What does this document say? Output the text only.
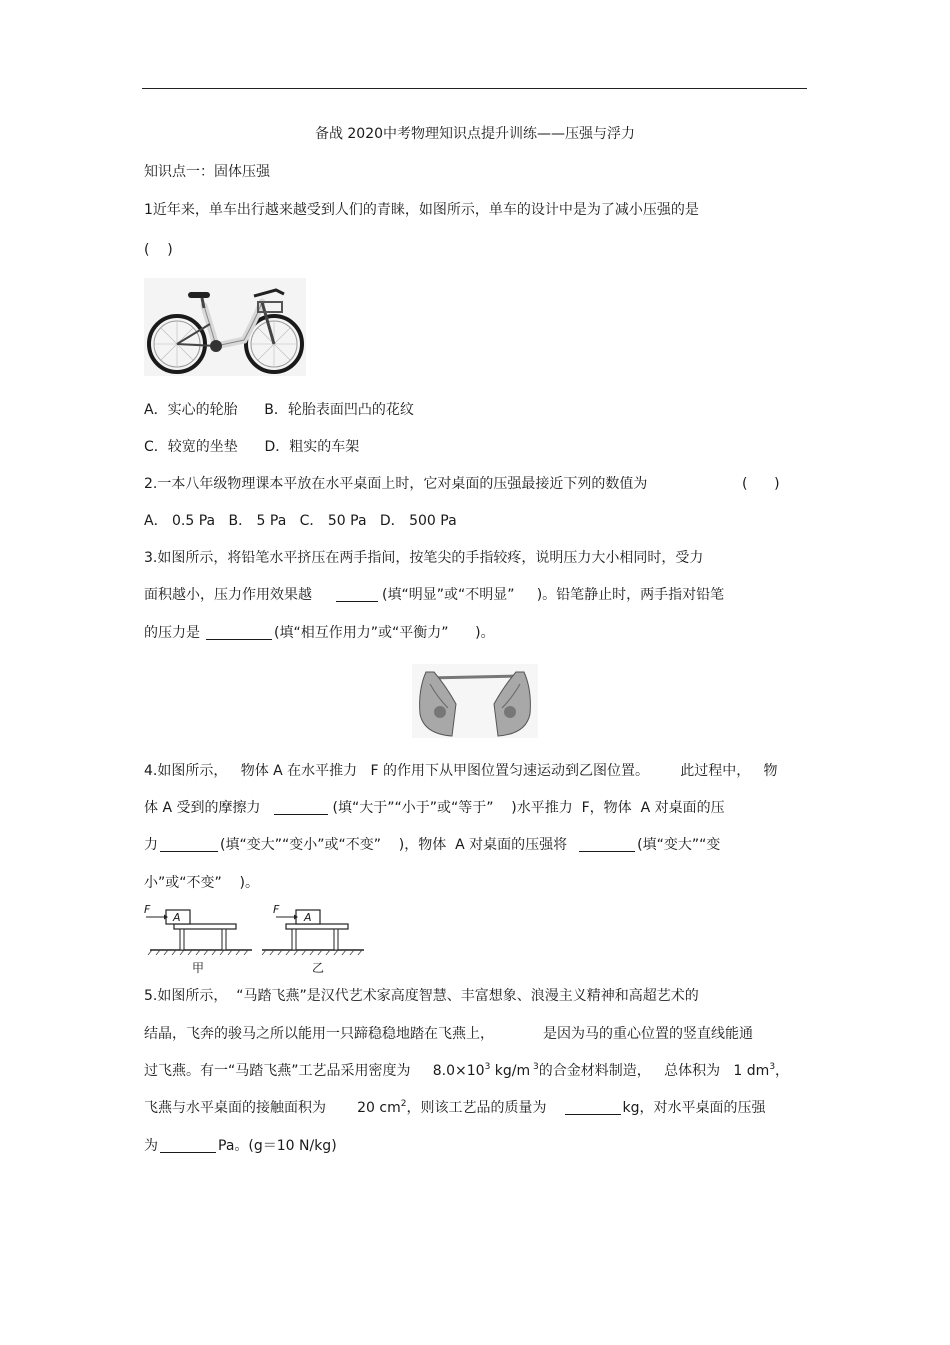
备战 2020中考物理知识点提升训练——压强与浮力
知识点一：固体压强
1近年来，单车出行越来越受到人们的青睐，如图所示，单车的设计中是为了减小压强的是
(    )
A．实心的轮胎      B．轮胎表面凹凸的花纹
C．较宽的坐垫      D．粗实的车架
2.一本八年级物理课本平放在水平桌面上时，它对桌面的压强最接近下列的数值为	(      )
A． 0.5 Pa   B． 5 Pa   C． 50 Pa   D． 500 Pa
3.如图所示，将铅笔水平挤压在两手指间，按笔尖的手指较疼，说明压力大小相同时，受力
面积越小，压力作用效果越	(填“明显”或“不明显”     )。铅笔静止时，两手指对铅笔
的压力是	(填“相互作用力”或“平衡力”      )。
4.如图所示，   物体 A 在水平推力   F 的作用下从甲图位置匀速运动到乙图位置。       此过程中，   物
体 A 受到的摩擦力	(填“大于”“小于”或“等于”    )水平推力  F，物体  A 对桌面的压
力	(填“变大”“变小”或“不变”    )，物体  A 对桌面的压强将	(填“变大”“变
小”或“不变”    )。
F
A
甲
F
A
乙
5.如图所示，  “马踏飞燕”是汉代艺术家高度智慧、丰富想象、浪漫主义精神和高超艺术的
结晶，飞奔的骏马之所以能用一只蹄稳稳地踏在飞燕上，           是因为马的重心位置的竖直线能通
过飞燕。有一“马踏飞燕”工艺品采用密度为     $8.0\times 10^3$ kg/m $^3$的合金材料制造，   总体积为   1 $dm^3$，
飞燕与水平桌面的接触面积为       20 $cm^2$，则该工艺品的质量为	kg，对水平桌面的压强
为	Pa。(g＝10 N/kg)
